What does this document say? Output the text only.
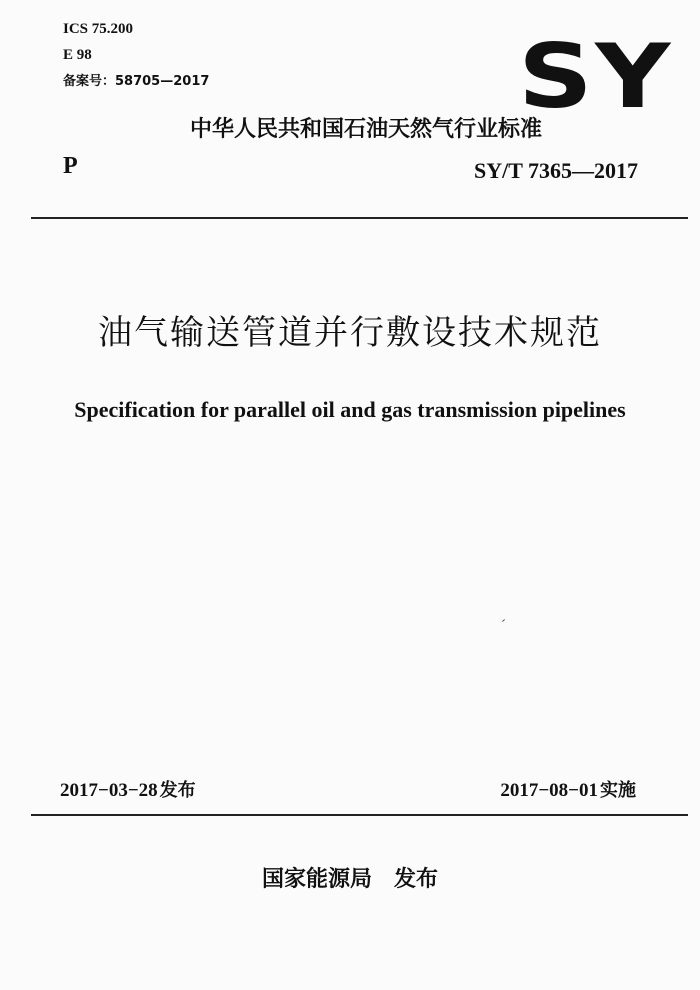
ICS 75.200
E 98
备案号：58705—2017	SY
中华人民共和国石油天然气行业标准
P	SY/T 7365—2017
油气输送管道并行敷设技术规范
Specification for parallel oil and gas transmission pipelines
2017−03−28 发布	2017−08−01 实施
国家能源局 发布
